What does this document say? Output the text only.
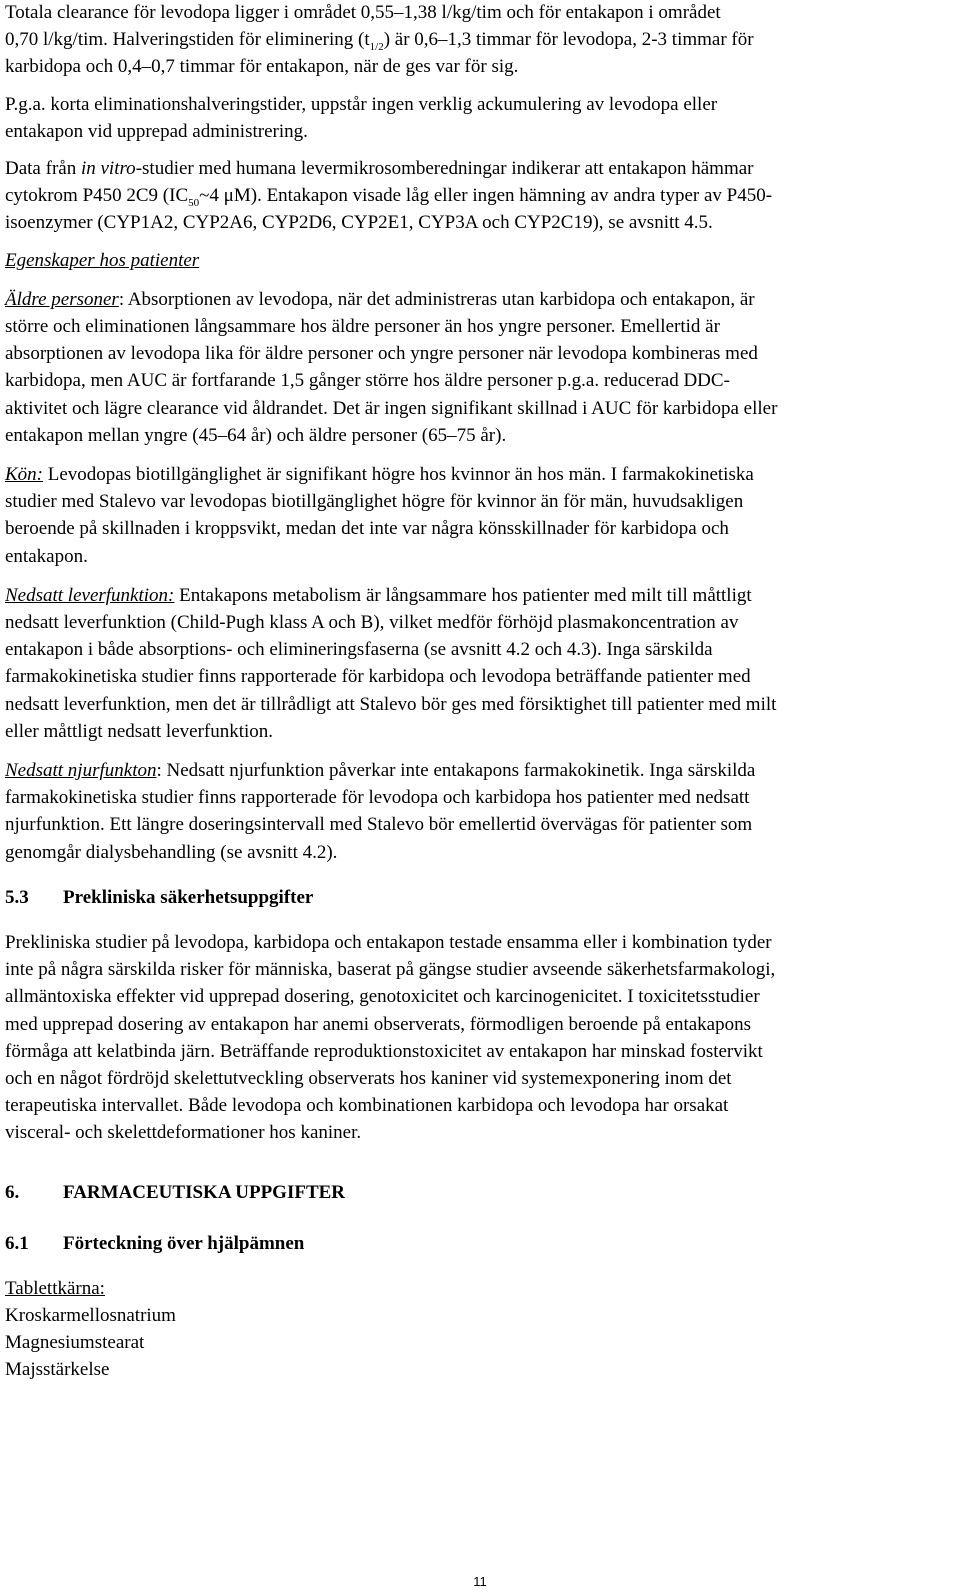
Totala clearance för levodopa ligger i området 0,55–1,38 l/kg/tim och för entakapon i området
0,70 l/kg/tim. Halveringstiden för eliminering $(t_{1/2})$ är 0,6–1,3 timmar för levodopa, 2-3 timmar för
karbidopa och 0,4–0,7 timmar för entakapon, när de ges var för sig.

P.g.a. korta eliminationshalveringstider, uppstår ingen verklig ackumulering av levodopa eller
entakapon vid upprepad administrering.

Data från in vitro-studier med humana levermikrosomberedningar indikerar att entakapon hämmar
cytokrom P450 2C9 ($IC_{50}\sim 4$ μM). Entakapon visade låg eller ingen hämning av andra typer av P450-
isoenzymer (CYP1A2, CYP2A6, CYP2D6, CYP2E1, CYP3A och CYP2C19), se avsnitt 4.5.

Egenskaper hos patienter

Äldre personer: Absorptionen av levodopa, när det administreras utan karbidopa och entakapon, är
större och eliminationen långsammare hos äldre personer än hos yngre personer. Emellertid är
absorptionen av levodopa lika för äldre personer och yngre personer när levodopa kombineras med
karbidopa, men AUC är fortfarande 1,5 gånger större hos äldre personer p.g.a. reducerad DDC-
aktivitet och lägre clearance vid åldrandet. Det är ingen signifikant skillnad i AUC för karbidopa eller
entakapon mellan yngre (45–64 år) och äldre personer (65–75 år).

Kön: Levodopas biotillgänglighet är signifikant högre hos kvinnor än hos män. I farmakokinetiska
studier med Stalevo var levodopas biotillgänglighet högre för kvinnor än för män, huvudsakligen
beroende på skillnaden i kroppsvikt, medan det inte var några könsskillnader för karbidopa och
entakapon.

Nedsatt leverfunktion: Entakapons metabolism är långsammare hos patienter med milt till måttligt
nedsatt leverfunktion (Child-Pugh klass A och B), vilket medför förhöjd plasmakoncentration av
entakapon i både absorptions- och elimineringsfaserna (se avsnitt 4.2 och 4.3). Inga särskilda
farmakokinetiska studier finns rapporterade för karbidopa och levodopa beträffande patienter med
nedsatt leverfunktion, men det är tillrådligt att Stalevo bör ges med försiktighet till patienter med milt
eller måttligt nedsatt leverfunktion.

Nedsatt njurfunkton: Nedsatt njurfunktion påverkar inte entakapons farmakokinetik. Inga särskilda
farmakokinetiska studier finns rapporterade för levodopa och karbidopa hos patienter med nedsatt
njurfunktion. Ett längre doseringsintervall med Stalevo bör emellertid övervägas för patienter som
genomgår dialysbehandling (se avsnitt 4.2).

5.3 Prekliniska säkerhetsuppgifter

Prekliniska studier på levodopa, karbidopa och entakapon testade ensamma eller i kombination tyder
inte på några särskilda risker för människa, baserat på gängse studier avseende säkerhetsfarmakologi,
allmäntoxiska effekter vid upprepad dosering, genotoxicitet och karcinogenicitet. I toxicitetsstudier
med upprepad dosering av entakapon har anemi observerats, förmodligen beroende på entakapons
förmåga att kelatbinda järn. Beträffande reproduktionstoxicitet av entakapon har minskad fostervikt
och en något fördröjd skelettutveckling observerats hos kaniner vid systemexponering inom det
terapeutiska intervallet. Både levodopa och kombinationen karbidopa och levodopa har orsakat
visceral- och skelettdeformationer hos kaniner.

6. FARMACEUTISKA UPPGIFTER

6.1 Förteckning över hjälpämnen

Tablettkärna:

Kroskarmellosnatrium

Magnesiumstearat

Majsstärkelse

11
